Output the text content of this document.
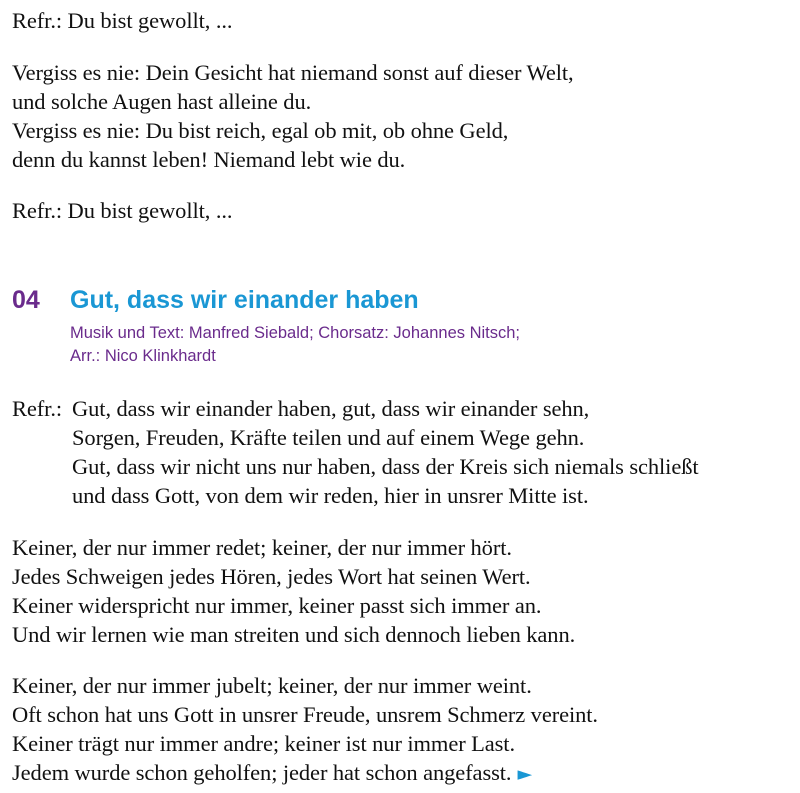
Refr.: Du bist gewollt, ...
Vergiss es nie: Dein Gesicht hat niemand sonst auf dieser Welt,
und solche Augen hast alleine du.
Vergiss es nie: Du bist reich, egal ob mit, ob ohne Geld,
denn du kannst leben! Niemand lebt wie du.
Refr.: Du bist gewollt, ...
04 Gut, dass wir einander haben
Musik und Text: Manfred Siebald; Chorsatz: Johannes Nitsch;
Arr.: Nico Klinkhardt
Refr.: Gut, dass wir einander haben, gut, dass wir einander sehn,
Sorgen, Freuden, Kräfte teilen und auf einem Wege gehn.
Gut, dass wir nicht uns nur haben, dass der Kreis sich niemals schließt
und dass Gott, von dem wir reden, hier in unsrer Mitte ist.
Keiner, der nur immer redet; keiner, der nur immer hört.
Jedes Schweigen jedes Hören, jedes Wort hat seinen Wert.
Keiner widerspricht nur immer, keiner passt sich immer an.
Und wir lernen wie man streiten und sich dennoch lieben kann.
Keiner, der nur immer jubelt; keiner, der nur immer weint.
Oft schon hat uns Gott in unsrer Freude, unsrem Schmerz vereint.
Keiner trägt nur immer andre; keiner ist nur immer Last.
Jedem wurde schon geholfen; jeder hat schon angefasst. ►
